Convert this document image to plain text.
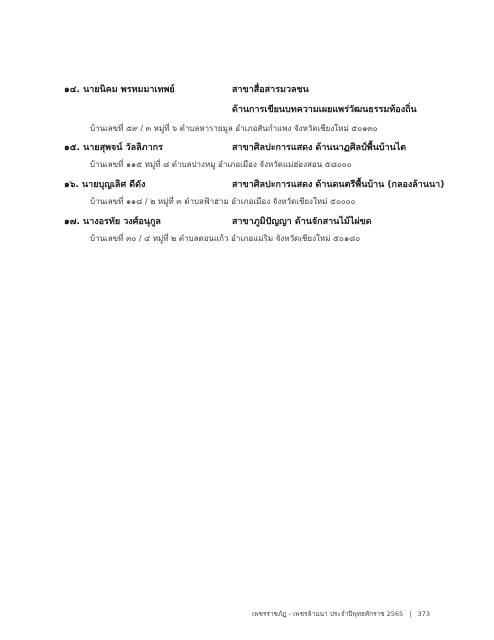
๑๔. นายนิคม พรหมมาเทพย์	สาขาสื่อสารมวลชน
ด้านการเขียนบทความเผยแพร่วัฒนธรรมท้องถิ่น
บ้านเลขที่ ๕๙ / ๓ หมู่ที่ ๖ ตำบลหารายมูล อำเภอสันกำแพง จังหวัดเชียงใหม่ ๕๐๑๓๐
๑๕. นายสุพจน์ วัลลิภากร	สาขาศิลปะการแสดง ด้านนาฏศิลป์พื้นบ้านไต
บ้านเลขที่ ๑๑๕ หมู่ที่ ๘ ตำบลปางหมู อำเภอเมือง จังหวัดแม่ฮ่องสอน ๕๘๐๐๐
๑๖. นายบุญเลิศ ดีดัง	สาขาศิลปะการแสดง ด้านดนตรีพื้นบ้าน (กลองล้านนา)
บ้านเลขที่ ๑๑๘ / ๒ หมู่ที่ ๓ ตำบลฟ้าฮ่าม อำเภอเมือง จังหวัดเชียงใหม่ ๕๐๐๐๐
๑๗. นางอรทัย วงศ์อนุกูล	สาขาภูมิปัญญา ด้านจักสานไม้ไผ่ขด
บ้านเลขที่ ๓๐ / ๔ หมู่ที่ ๒ ตำบลดอนแก้ว อำเภอแม่ริม จังหวัดเชียงใหม่ ๕๐๑๘๐
เพชรราชภัฏ - เพชรล้านนา ประจำปีพุทธศักราช 2565 | 373
